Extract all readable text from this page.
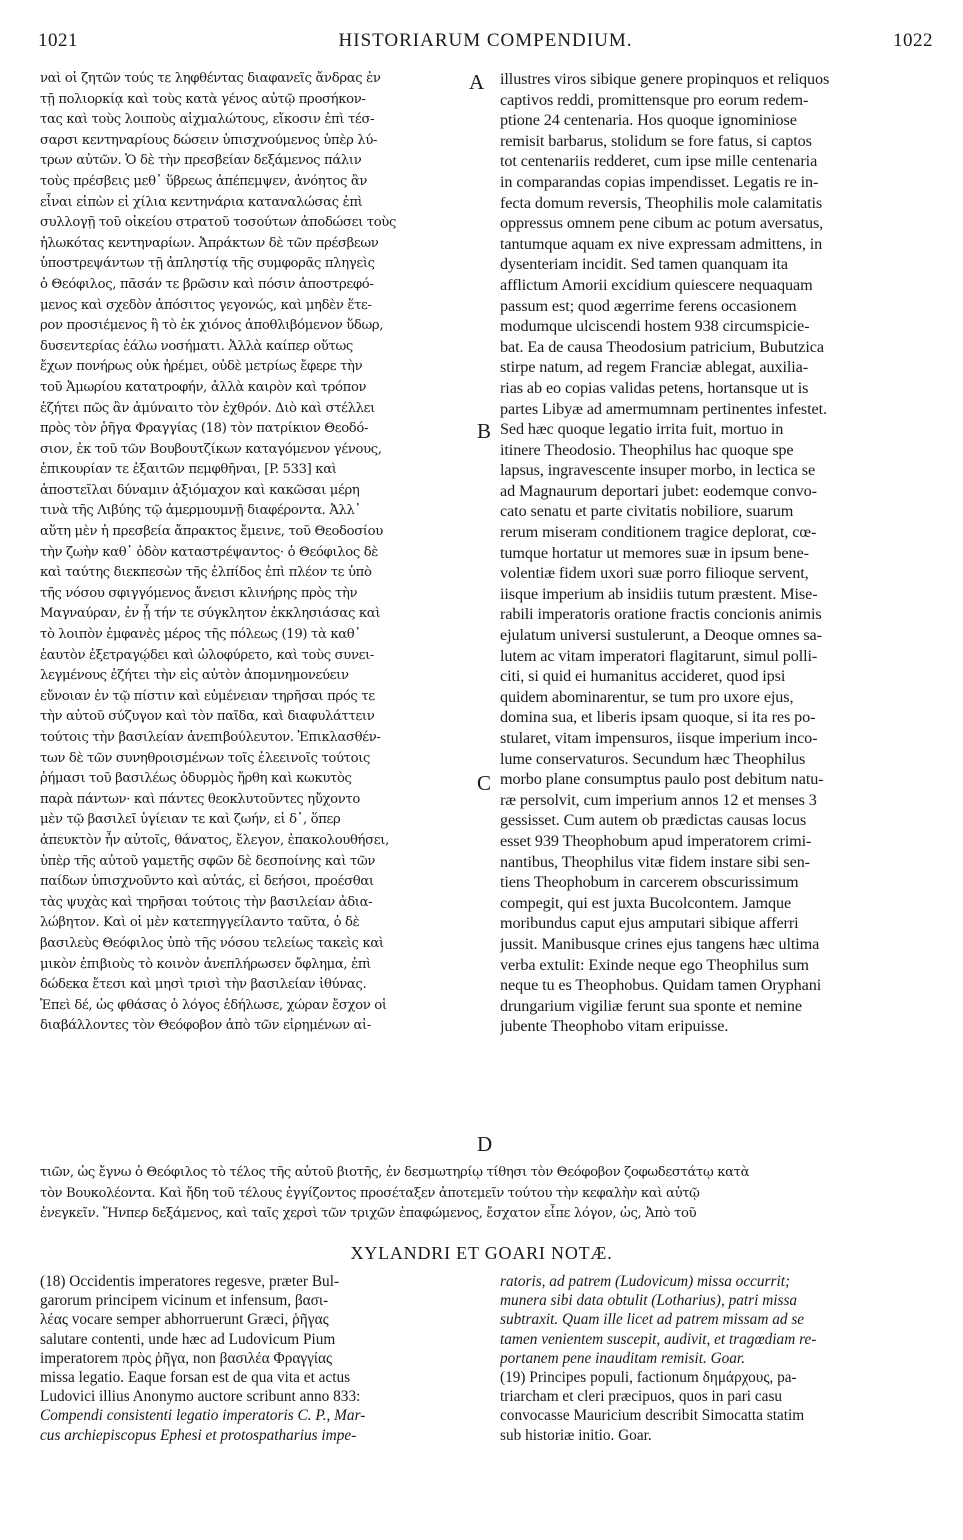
1021	HISTORIARUM COMPENDIUM.	1022
A
B
C
D
ναὶ οἱ ζητῶν τούς τε ληφθέντας διαφανεῖς ἄνδρας ἐν
τῇ πολιορκίᾳ καὶ τοὺς κατὰ γένος αὐτῷ προσήκον-
τας καὶ τοὺς λοιποὺς αἰχμαλώτους, εἴκοσιν ἐπὶ τέσ-
σαρσι κεντηναρίους δώσειν ὑπισχνούμενος ὑπὲρ λύ-
τρων αὐτῶν. Ὁ δὲ τὴν πρεσβείαν δεξάμενος πάλιν
τοὺς πρέσβεις μεθ᾽ ὕβρεως ἀπέπεμψεν, ἀνόητος ἂν
εἶναι εἰπὼν εἰ χίλια κεντηνάρια καταναλώσας ἐπὶ
συλλογῇ τοῦ οἰκείου στρατοῦ τοσούτων ἀποδώσει τοὺς
ἡλωκότας κεντηναρίων. Ἀπράκτων δὲ τῶν πρέσβεων
ὑποστρεψάντων τῇ ἀπληστίᾳ τῆς συμφορᾶς πληγεὶς
ὁ Θεόφιλος, πᾶσάν τε βρῶσιν καὶ πόσιν ἀποστρεφό-
μενος καὶ σχεδὸν ἀπόσιτος γεγονώς, καὶ μηδὲν ἕτε-
ρον προσιέμενος ἢ τὸ ἐκ χιόνος ἀποθλιβόμενον ὕδωρ,
δυσεντερίας ἑάλω νοσήματι. Ἀλλὰ καίπερ οὕτως
ἔχων πονήρως οὐκ ἠρέμει, οὐδὲ μετρίως ἔφερε τὴν
τοῦ Ἀμωρίου κατατροφήν, ἀλλὰ καιρὸν καὶ τρόπον
ἐζήτει πῶς ἂν ἀμύναιτο τὸν ἐχθρόν. Διὸ καὶ στέλλει
πρὸς τὸν ῥῆγα Φραγγίας (18) τὸν πατρίκιον Θεοδό-
σιον, ἐκ τοῦ τῶν Βουβουτζίκων καταγόμενον γένους,
ἐπικουρίαν τε ἐξαιτῶν πεμφθῆναι, [P. 533] καὶ
ἀποστεῖλαι δύναμιν ἀξιόμαχον καὶ κακῶσαι μέρη
τινὰ τῆς Λιβύης τῷ ἀμερμουμνῇ διαφέροντα. Ἀλλ᾽
αὕτη μὲν ἡ πρεσβεία ἄπρακτος ἔμεινε, τοῦ Θεοδοσίου
τὴν ζωὴν καθ᾽ ὁδὸν καταστρέψαντος· ὁ Θεόφιλος δὲ
καὶ ταύτης διεκπεσὼν τῆς ἐλπίδος ἐπὶ πλέον τε ὑπὸ
τῆς νόσου σφιγγόμενος ἄνεισι κλινήρης πρὸς τὴν
Μαγναύραν, ἐν ᾗ τήν τε σύγκλητον ἐκκλησιάσας καὶ
τὸ λοιπὸν ἐμφανὲς μέρος τῆς πόλεως (19) τὰ καθ᾽
ἑαυτὸν ἐξετραγῴδει καὶ ὠλοφύρετο, καὶ τοὺς συνει-
λεγμένους ἐζήτει τὴν εἰς αὐτὸν ἀπομνημονεύειν
εὔνοιαν ἐν τῷ πίστιν καὶ εὐμένειαν τηρῆσαι πρός τε
τὴν αὐτοῦ σύζυγον καὶ τὸν παῖδα, καὶ διαφυλάττειν
τούτοις τὴν βασιλείαν ἀνεπιβούλευτον. Ἐπικλασθέν-
των δὲ τῶν συνηθροισμένων τοῖς ἐλεεινοῖς τούτοις
ῥήμασι τοῦ βασιλέως ὀδυρμὸς ἤρθη καὶ κωκυτὸς
παρὰ πάντων· καὶ πάντες θεοκλυτοῦντες ηὔχοντο
μὲν τῷ βασιλεῖ ὑγίειαν τε καὶ ζωήν, εἰ δ᾽, ὅπερ
ἀπευκτὸν ἦν αὐτοῖς, θάνατος, ἔλεγον, ἐπακολουθήσει,
ὑπὲρ τῆς αὐτοῦ γαμετῆς σφῶν δὲ δεσποίνης καὶ τῶν
παίδων ὑπισχνοῦντο καὶ αὐτάς, εἰ δεήσοι, προέσθαι
τὰς ψυχὰς καὶ τηρῆσαι τούτοις τὴν βασιλείαν ἀδια-
λώβητον. Καὶ οἱ μὲν κατεπηγγείλαντο ταῦτα, ὁ δὲ
βασιλεὺς Θεόφιλος ὑπὸ τῆς νόσου τελείως τακεὶς καὶ
μικὸν ἐπιβιοὺς τὸ κοινὸν ἀνεπλήρωσεν ὄφλημα, ἐπὶ
δώδεκα ἔτεσι καὶ μησὶ τρισὶ τὴν βασιλείαν ἰθύνας.
Ἐπεὶ δέ, ὡς φθάσας ὁ λόγος ἐδήλωσε, χώραν ἔσχον οἱ
διαβάλλοντες τὸν Θεόφοβον ἀπὸ τῶν εἰρημένων αἰ-
illustres viros sibique genere propinquos et reliquos
captivos reddi, promittensque pro eorum redem-
ptione 24 centenaria. Hos quoque ignominiose
remisit barbarus, stolidum se fore fatus, si captos
tot centenariis redderet, cum ipse mille centenaria
in comparandas copias impendisset. Legatis re in-
fecta domum reversis, Theophilis mole calamitatis
oppressus omnem pene cibum ac potum aversatus,
tantumque aquam ex nive expressam admittens, in
dysenteriam incidit. Sed tamen quanquam ita
afflictum Amorii excidium quiescere nequaquam
passum est; quod ægerrime ferens occasionem
modumque ulciscendi hostem 938 circumspicie-
bat. Ea de causa Theodosium patricium, Bubutzica
stirpe natum, ad regem Franciæ ablegat, auxilia-
rias ab eo copias validas petens, hortansque ut is
partes Libyæ ad amermumnam pertinentes infestet.
Sed hæc quoque legatio irrita fuit, mortuo in
itinere Theodosio. Theophilus hac quoque spe
lapsus, ingravescente insuper morbo, in lectica se
ad Magnaurum deportari jubet: eodemque convo-
cato senatu et parte civitatis nobiliore, suarum
rerum miseram conditionem tragice deplorat, cœ-
tumque hortatur ut memores suæ in ipsum bene-
volentiæ fidem uxori suæ porro filioque servent,
iisque imperium ab insidiis tutum præstent. Mise-
rabili imperatoris oratione fractis concionis animis
ejulatum universi sustulerunt, a Deoque omnes sa-
lutem ac vitam imperatori flagitarunt, simul polli-
citi, si quid ei humanitus accideret, quod ipsi
quidem abominarentur, se tum pro uxore ejus,
domina sua, et liberis ipsam quoque, si ita res po-
stularet, vitam impensuros, iisque imperium inco-
lume conservaturos. Secundum hæc Theophilus
morbo plane consumptus paulo post debitum natu-
ræ persolvit, cum imperium annos 12 et menses 3
gessisset. Cum autem ob prædictas causas locus
esset 939 Theophobum apud imperatorem crimi-
nantibus, Theophilus vitæ fidem instare sibi sen-
tiens Theophobum in carcerem obscurissimum
compegit, qui est juxta Bucolcontem. Jamque
moribundus caput ejus amputari sibique afferri
jussit. Manibusque crines ejus tangens hæc ultima
verba extulit: Exinde neque ego Theophilus sum
neque tu es Theophobus. Quidam tamen Oryphani
drungarium vigiliæ ferunt sua sponte et nemine
jubente Theophobo vitam eripuisse.
τιῶν, ὡς ἔγνω ὁ Θεόφιλος τὸ τέλος τῆς αὐτοῦ βιοτῆς, ἐν δεσμωτηρίῳ τίθησι τὸν Θεόφοβον ζοφωδεστάτῳ κατὰ
τὸν Βουκολέοντα. Καὶ ἤδη τοῦ τέλους ἐγγίζοντος προσέταξεν ἀποτεμεῖν τούτου τὴν κεφαλὴν καὶ αὐτῷ
ἐνεγκεῖν. Ἥνπερ δεξάμενος, καὶ ταῖς χερσὶ τῶν τριχῶν ἐπαφώμενος, ἔσχατον εἶπε λόγον, ὡς, Ἀπὸ τοῦ
XYLANDRI ET GOARI NOTÆ.
(18) Occidentis imperatores regesve, præter Bul-
garorum principem vicinum et infensum, βασι-
λέας vocare semper abhorruerunt Græci, ῥῆγας
salutare contenti, unde hæc ad Ludovicum Pium
imperatorem πρὸς ῥῆγα, non βασιλέα Φραγγίας
missa legatio. Eaque forsan est de qua vita et actus
Ludovici illius Anonymo auctore scribunt anno 833:
Compendi consistenti legatio imperatoris C. P., Mar-
cus archiepiscopus Ephesi et protospatharius impe-
ratoris, ad patrem (Ludovicum) missa occurrit;
munera sibi data obtulit (Lotharius), patri missa
subtraxit. Quam ille licet ad patrem missam ad se
tamen venientem suscepit, audivit, et tragœdiam re-
portanem pene inauditam remisit. Goar.
(19) Principes populi, factionum δημάρχους, pa-
triarcham et cleri præcipuos, quos in pari casu
convocasse Mauricium describit Simocatta statim
sub historiæ initio. Goar.
